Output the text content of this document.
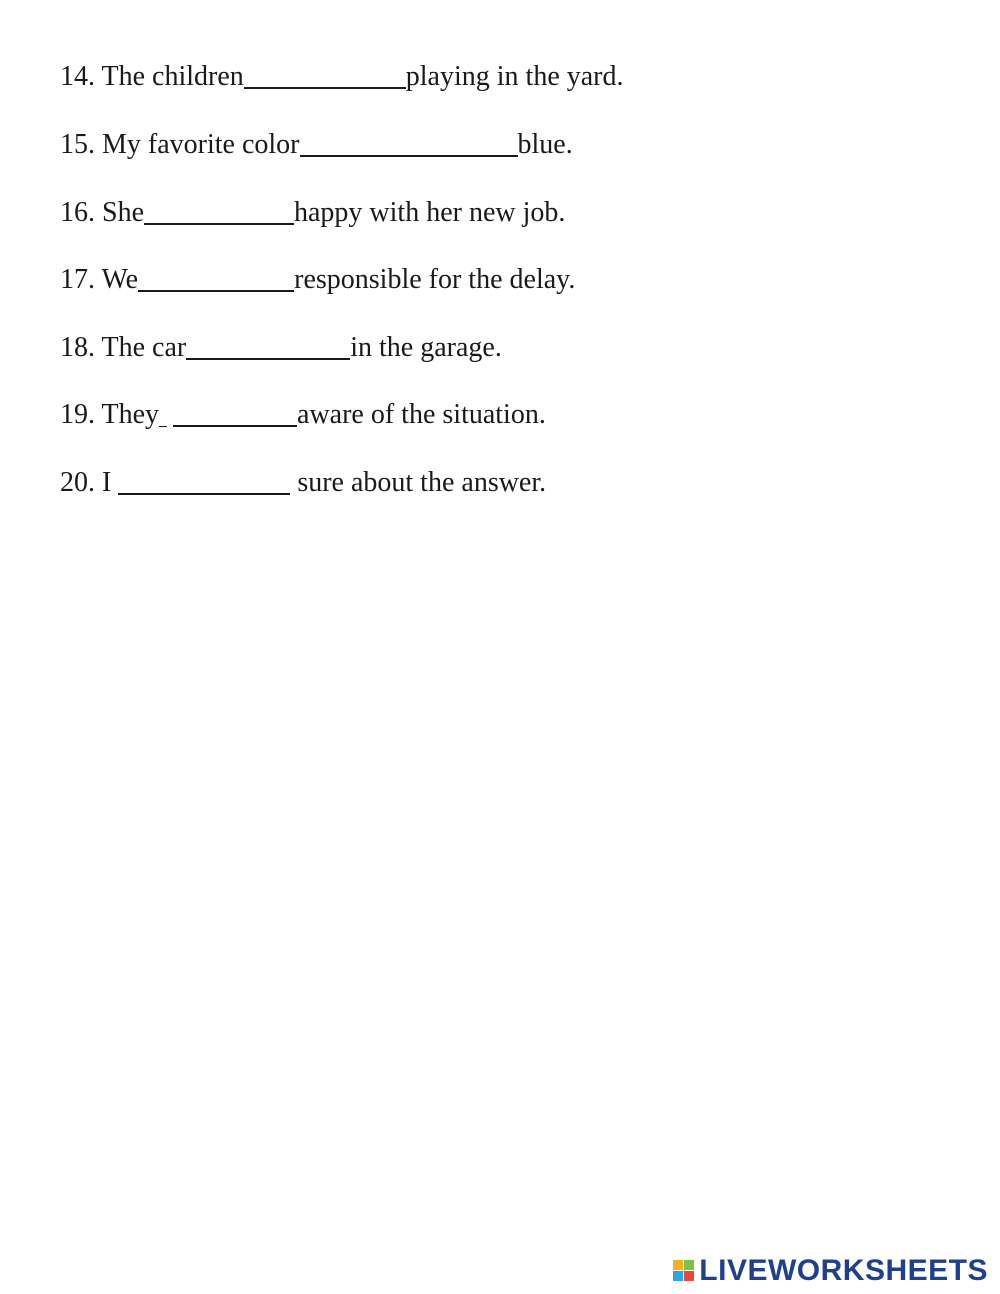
14. The children	playing in the yard.
15. My favorite color	blue.
16. She	happy with her new job.
17. We	responsible for the delay.
18. The car	in the garage.
19. They	aware of the situation.
20. I	sure about the answer.
LIVEWORKSHEETS
